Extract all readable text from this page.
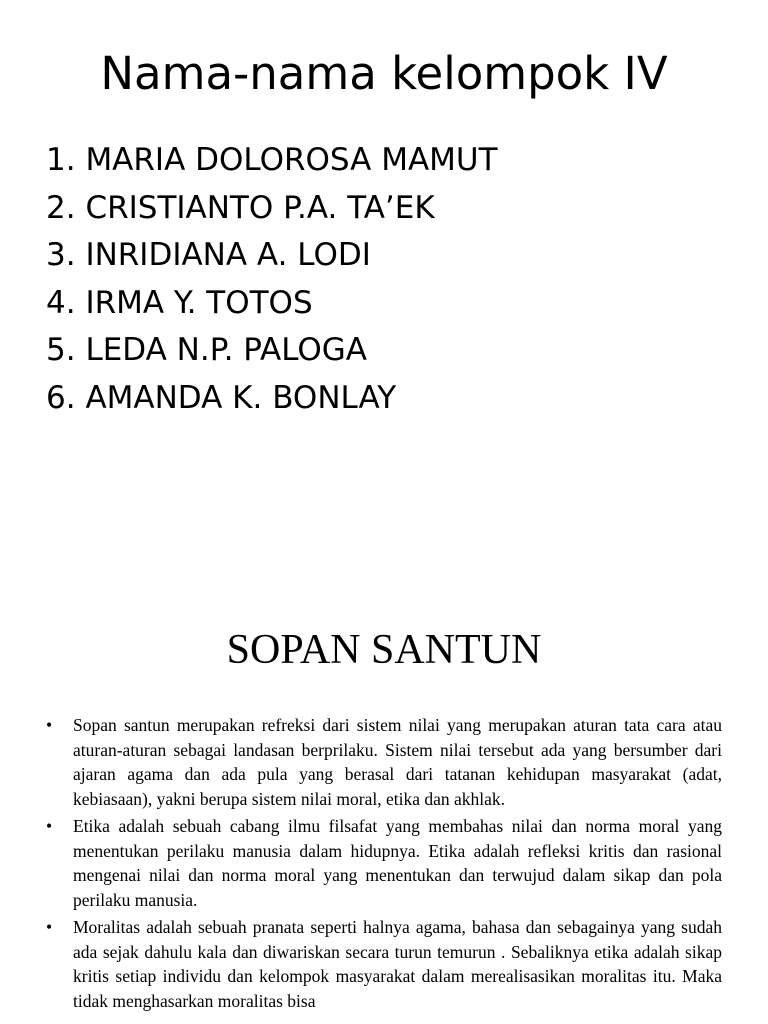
Nama-nama kelompok IV
1. MARIA DOLOROSA MAMUT
2. CRISTIANTO P.A. TA’EK
3. INRIDIANA A. LODI
4. IRMA Y. TOTOS
5. LEDA N.P. PALOGA
6. AMANDA K. BONLAY
SOPAN SANTUN
•	Sopan santun merupakan refreksi dari sistem nilai yang merupakan aturan tata cara atau aturan-aturan sebagai landasan berprilaku. Sistem nilai tersebut ada yang bersumber dari ajaran agama dan ada pula yang berasal dari tatanan kehidupan masyarakat (adat, kebiasaan), yakni berupa sistem nilai moral, etika dan akhlak.
•	Etika adalah sebuah cabang ilmu filsafat yang membahas nilai dan norma moral yang menentukan perilaku manusia dalam hidupnya. Etika adalah refleksi kritis dan rasional mengenai nilai dan norma moral yang menentukan dan terwujud dalam sikap dan pola perilaku manusia.
•	Moralitas adalah sebuah pranata seperti halnya agama, bahasa dan sebagainya yang sudah ada sejak dahulu kala dan diwariskan secara turun temurun . Sebaliknya etika adalah sikap kritis setiap individu dan kelompok masyarakat dalam merealisasikan moralitas itu. Maka tidak menghasarkan moralitas bisa
